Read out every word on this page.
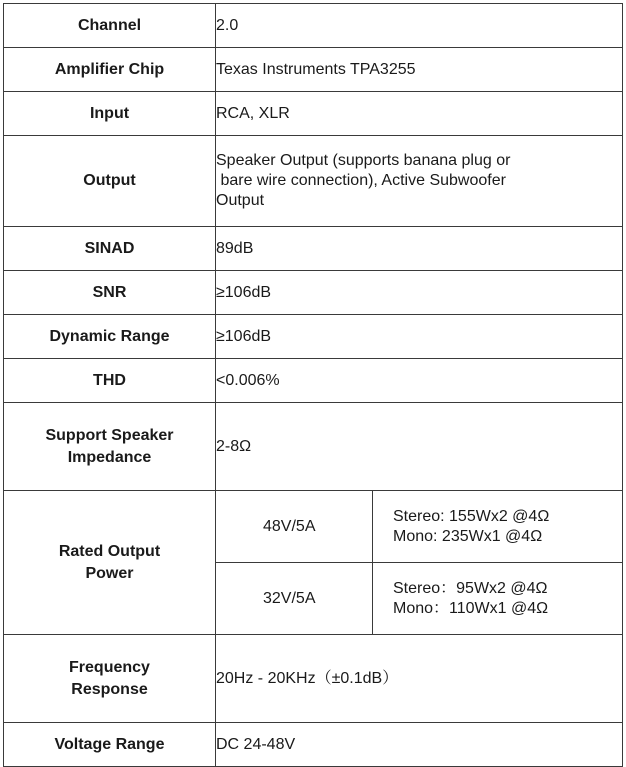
Channel	2.0	
Amplifier Chip	Texas Instruments TPA3255	
Input	RCA, XLR	
Output	Speaker Output (supports banana plug or
bare wire connection), Active Subwoofer
Output	

SINAD	89dB	
SNR	≥106dB	
Dynamic Range	≥106dB	
THD	<0.006%	

Support Speaker
Impedance	2-8Ω	

Rated Output
Power	48V/5A	Stereo: 155Wx2 @4Ω
Mono: 235Wx1 @4Ω

	32V/5A	Stereo：95Wx2 @4Ω
Mono：110Wx1 @4Ω

Frequency
Response	20Hz - 20KHz（±0.1dB）	
Voltage Range	DC 24-48V	
